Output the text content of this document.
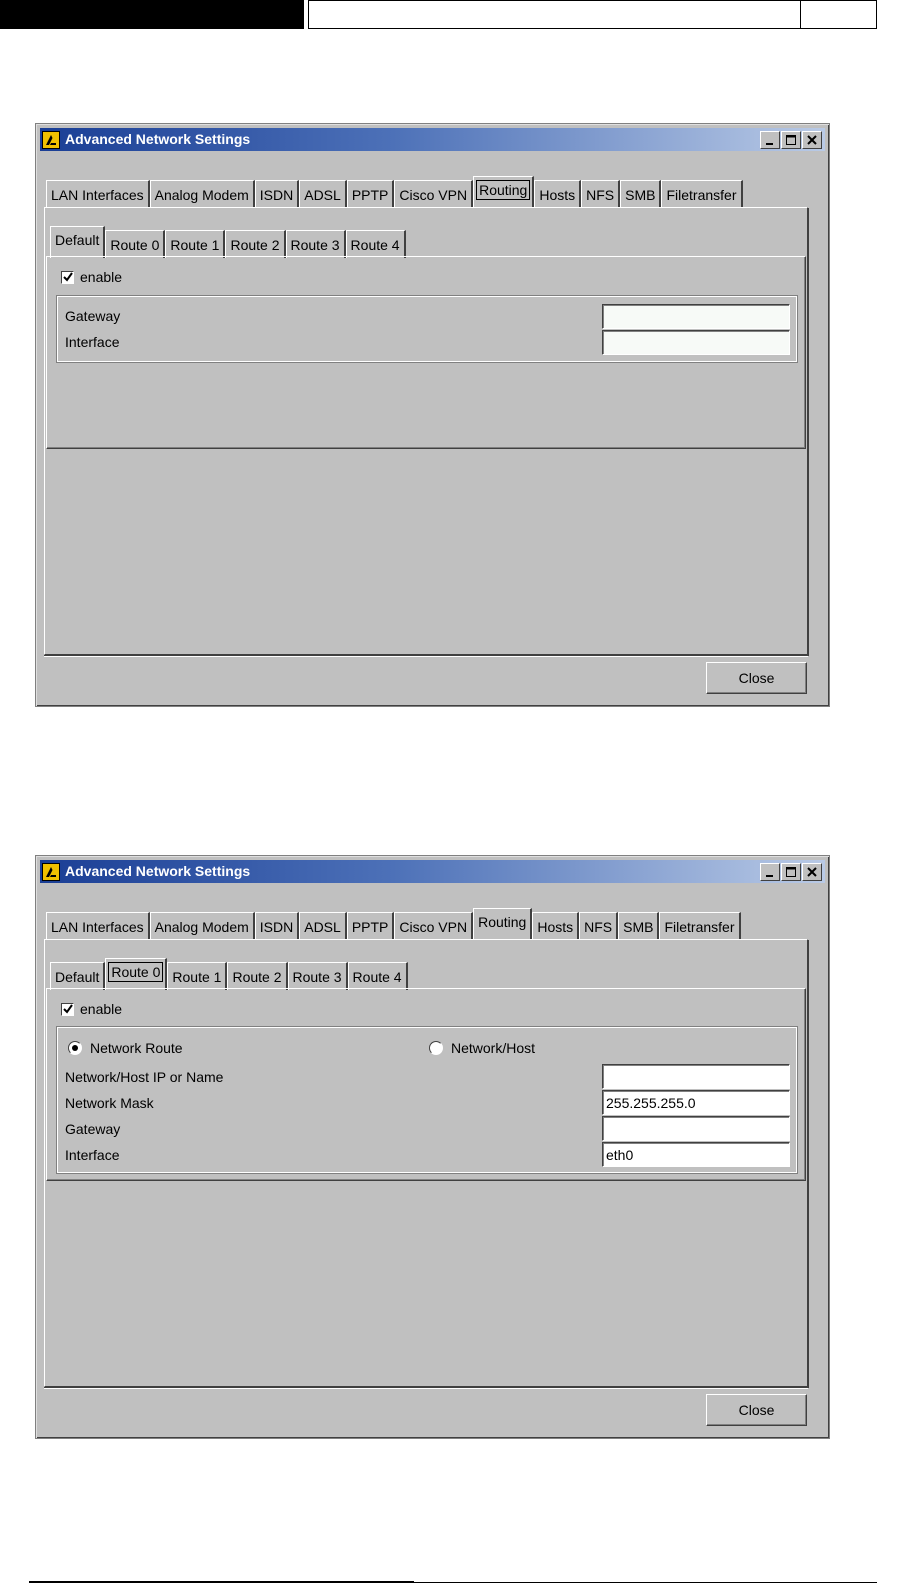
Advanced Network Settings
LAN Interfaces Analog Modem ISDN ADSL PPTP Cisco VPN Routing Hosts NFS SMB Filetransfer
Default Route 0 Route 1 Route 2 Route 3 Route 4
enable
Gateway
Interface
Close
Advanced Network Settings
LAN Interfaces Analog Modem ISDN ADSL PPTP Cisco VPN Routing Hosts NFS SMB Filetransfer
Default Route 0 Route 1 Route 2 Route 3 Route 4
enable
Network Route	Network/Host
Network/Host IP or Name
Network Mask
255.255.255.0
Gateway
Interface
eth0
Close
